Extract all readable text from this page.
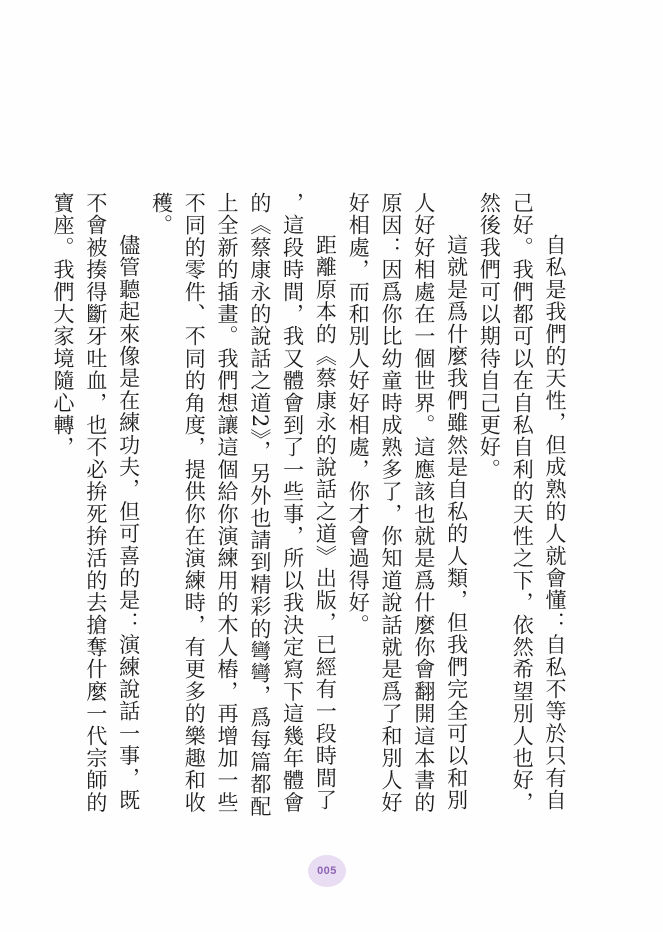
自私是我們的天性，但成熟的人就會懂：自私不等於只有自己好。我們都可以在自私自利的天性之下，依然希望別人也好，然後我們可以期待自己更好。

這就是爲什麼我們雖然是自私的人類，但我們完全可以和別人好好相處在一個世界。這應該也就是爲什麼你會翻開這本書的原因：因爲你比幼童時成熟多了，你知道說話就是爲了和別人好好相處，而和別人好好相處，你才會過得好。

距離原本的《蔡康永的說話之道》出版，已經有一段時間了，這段時間，我又體會到了一些事，所以我決定寫下這幾年體會的《蔡康永的說話之道2》，另外也請到精彩的彎彎，爲每篇都配上全新的插畫。我們想讓這個給你演練用的木人樁，再增加一些不同的零件、不同的角度，提供你在演練時，有更多的樂趣和收穫。

儘管聽起來像是在練功夫，但可喜的是：演練說話一事，既不會被揍得斷牙吐血，也不必拚死拚活的去搶奪什麼一代宗師的寶座。我們大家境隨心轉，

005
